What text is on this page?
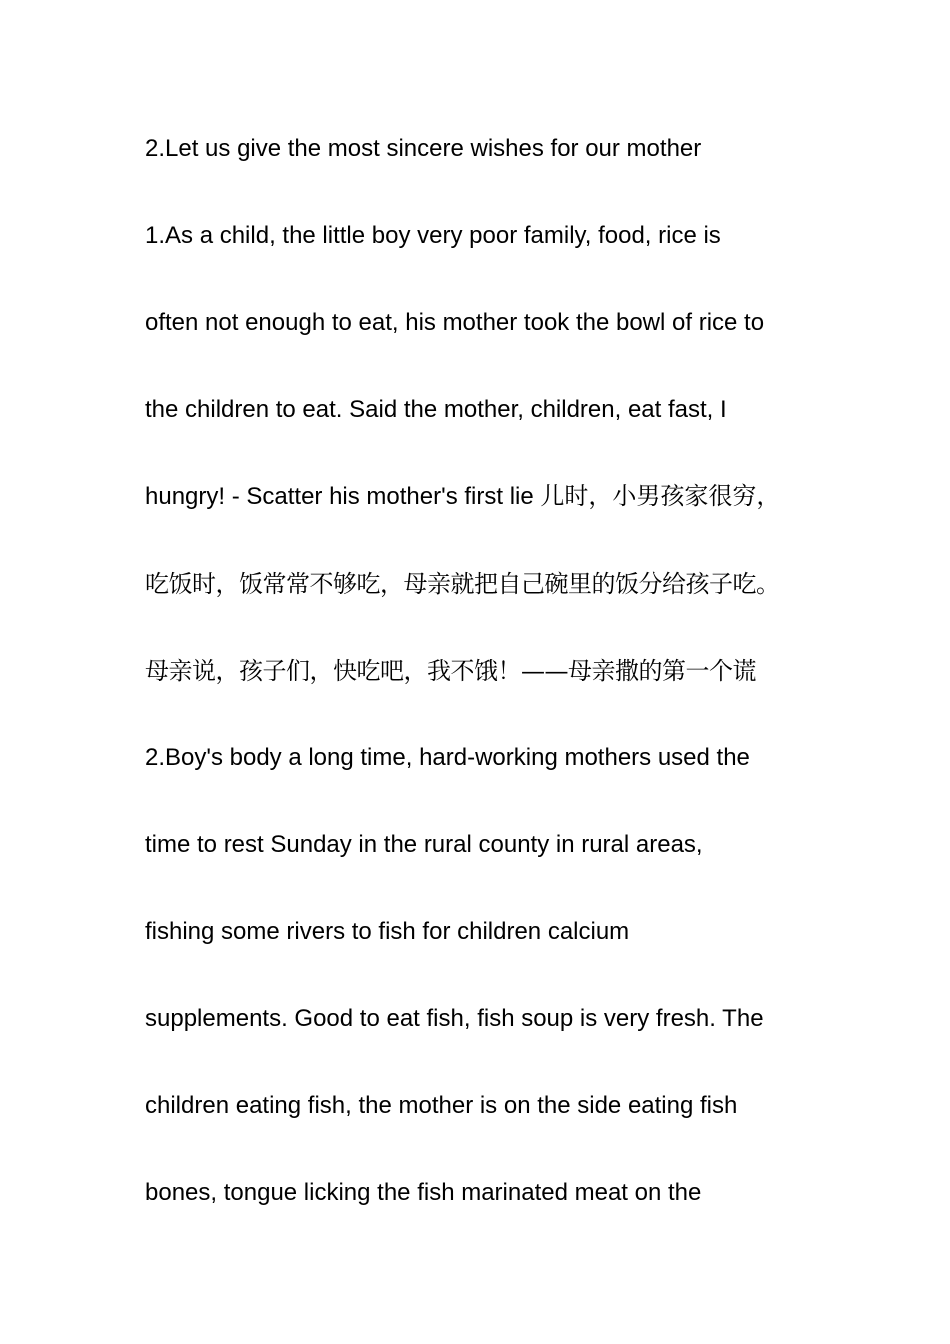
2.Let us give the most sincere wishes for our mother
1.As a child, the little boy very poor family, food, rice is
often not enough to eat, his mother took the bowl of rice to
the children to eat. Said the mother, children, eat fast, I
hungry! - Scatter his mother's first lie 儿时，小男孩家很穷，
吃饭时，饭常常不够吃，母亲就把自己碗里的饭分给孩子吃。
母亲说，孩子们，快吃吧，我不饿！——母亲撒的第一个谎
2.Boy's body a long time, hard-working mothers used the
time to rest Sunday in the rural county in rural areas,
fishing some rivers to fish for children calcium
supplements. Good to eat fish, fish soup is very fresh. The
children eating fish, the mother is on the side eating fish
bones, tongue licking the fish marinated meat on the
